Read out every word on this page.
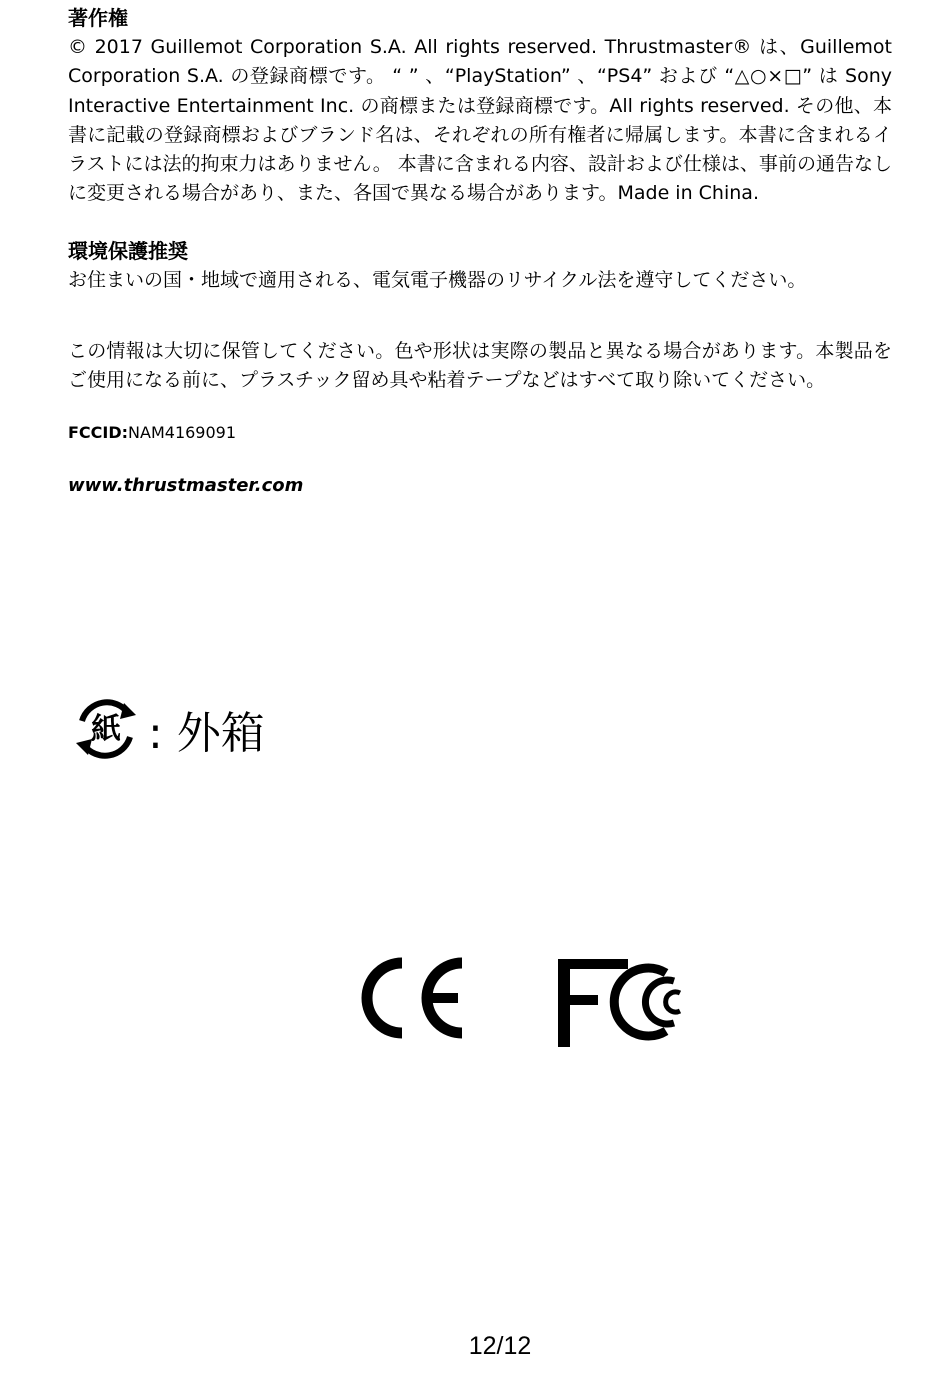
著作権

© 2017 Guillemot Corporation S.A. All rights reserved. Thrustmaster® は、Guillemot Corporation S.A. の登録商標です。 “ ” 、“PlayStation” 、“PS4” および “△○×□” は Sony Interactive Entertainment Inc. の商標または登録商標です。All rights reserved. その他、本書に記載の登録商標およびブランド名は、それぞれの所有権者に帰属します。本書に含まれるイラストには法的拘束力はありません。 本書に含まれる内容、設計および仕様は、事前の通告なしに変更される場合があり、また、各国で異なる場合があります。Made in China.

環境保護推奨

お住まいの国・地域で適用される、電気電子機器のリサイクル法を遵守してください。

この情報は大切に保管してください。色や形状は実際の製品と異なる場合があります。本製品をご使用になる前に、プラスチック留め具や粘着テープなどはすべて取り除いてください。

FCCID:NAM4169091

www.thrustmaster.com

紙 : 外箱
12/12
